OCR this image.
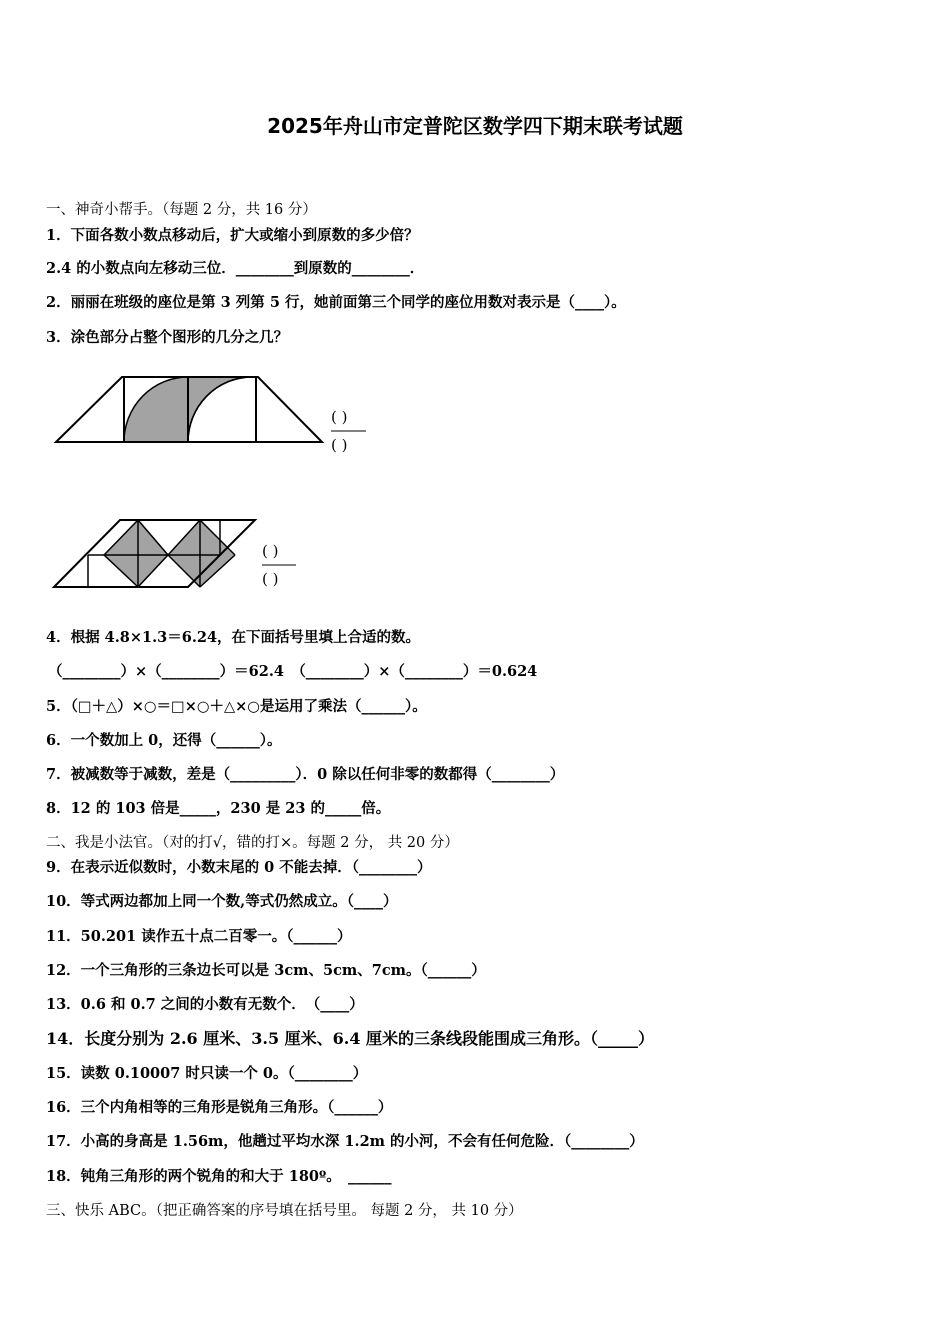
2025年舟山市定普陀区数学四下期末联考试题
一、神奇小帮手。（每题 2 分，共 16 分）
1．下面各数小数点移动后，扩大或缩小到原数的多少倍？
2.4 的小数点向左移动三位．________到原数的________．
2．丽丽在班级的座位是第 3 列第 5 行，她前面第三个同学的座位用数对表示是（____）。
3．涂色部分占整个图形的几分之几？
( )
( )
( )
( )
4．根据 4.8×1.3＝6.24，在下面括号里填上合适的数。
（________）×（________）＝62.4　（________）×（________）＝0.624
5．（□＋△）×○＝□×○＋△×○是运用了乘法（______）。
6．一个数加上 0，还得（______）。
7．被减数等于减数，差是（_________）．0 除以任何非零的数都得（________）
8．12 的 103 倍是_____，230 是 23 的_____倍。
二、我是小法官。（对的打√，错的打×。每题 2 分， 共 20 分）
9．在表示近似数时，小数末尾的 0 不能去掉．（________）
10．等式两边都加上同一个数,等式仍然成立。（____）
11．50.201 读作五十点二百零一。（______）
12．一个三角形的三条边长可以是 3cm、5cm、7cm。（______）
13．0.6 和 0.7 之间的小数有无数个．　（____）
14．长度分别为 2.6 厘米、3.5 厘米、6.4 厘米的三条线段能围成三角形。（_____）
15．读数 0.10007 时只读一个 0。（________）
16．三个内角相等的三角形是锐角三角形。（______）
17．小高的身高是 1.56m，他趟过平均水深 1.2m 的小河，不会有任何危险．（________）
18．钝角三角形的两个锐角的和大于 180º。　______
三、快乐 ABC。（把正确答案的序号填在括号里。 每题 2 分， 共 10 分）
